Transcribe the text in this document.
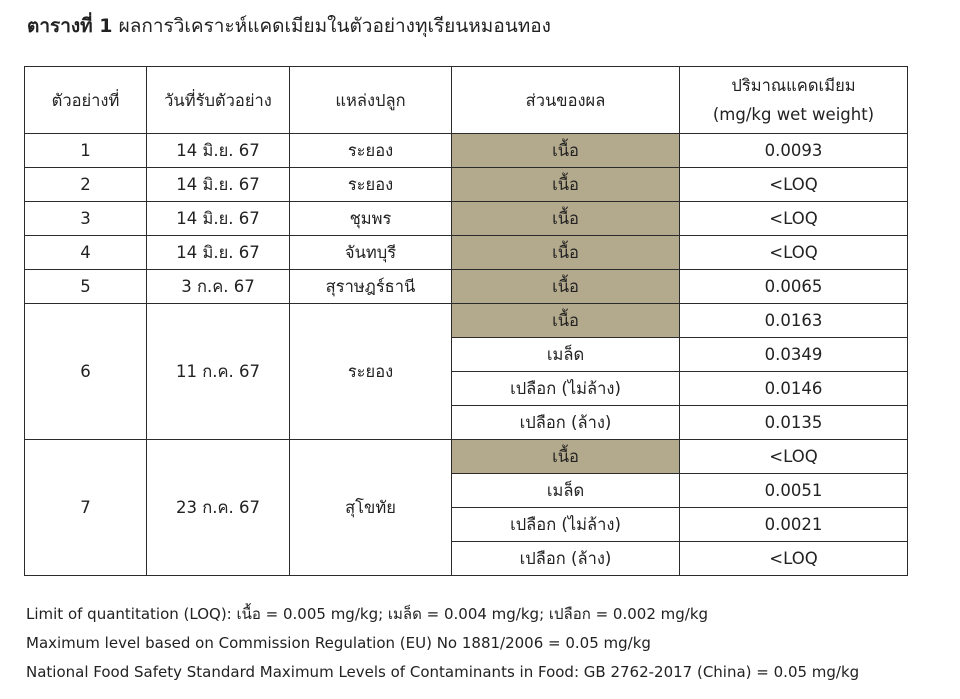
ตารางที่ 1 ผลการวิเคราะห์แคดเมียมในตัวอย่างทุเรียนหมอนทอง
ตัวอย่างที่	วันที่รับตัวอย่าง	แหล่งปลูก	ส่วนของผล	ปริมาณแคดเมียม
(mg/kg wet weight)

1	14 มิ.ย. 67	ระยอง	เนื้อ	0.0093
2	14 มิ.ย. 67	ระยอง	เนื้อ	<LOQ
3	14 มิ.ย. 67	ชุมพร	เนื้อ	<LOQ
4	14 มิ.ย. 67	จันทบุรี	เนื้อ	<LOQ
5	3 ก.ค. 67	สุราษฎร์ธานี	เนื้อ	0.0065
6	11 ก.ค. 67	ระยอง	เนื้อ	0.0163
			เมล็ด	0.0349
			เปลือก (ไม่ล้าง)	0.0146
			เปลือก (ล้าง)	0.0135
7	23 ก.ค. 67	สุโขทัย	เนื้อ	<LOQ
			เมล็ด	0.0051
			เปลือก (ไม่ล้าง)	0.0021
			เปลือก (ล้าง)	<LOQ
Limit of quantitation (LOQ): เนื้อ = 0.005 mg/kg; เมล็ด = 0.004 mg/kg; เปลือก = 0.002 mg/kg
Maximum level based on Commission Regulation (EU) No 1881/2006 = 0.05 mg/kg
National Food Safety Standard Maximum Levels of Contaminants in Food: GB 2762-2017 (China) = 0.05 mg/kg
